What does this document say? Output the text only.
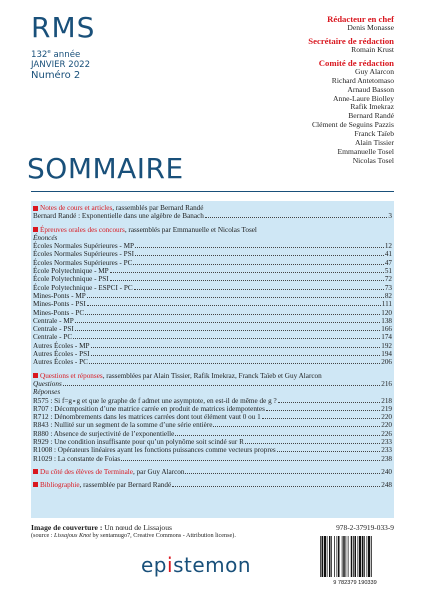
RMS
132e année
JANVIER 2022
Numéro 2
Rédacteur en chef
Denis Monasse
Secrétaire de rédaction
Romain Krust
Comité de rédaction
Guy Alarcon
Richard Antetomaso
Arnaud Basson
Anne-Laure Biolley
Rafik Imekraz
Bernard Randé
Clément de Seguins Pazzis
Franck Taïeb
Alain Tissier
Emmanuelle Tosel
Nicolas Tosel
SOMMAIRE
Notes de cours et articles , rassemblés par Bernard Randé
Bernard Randé : Exponentielle dans une algèbre de Banach	3
Épreuves orales des concours , rassemblés par Emmanuelle et Nicolas Tosel
Énoncés
Écoles Normales Supérieures - MP	12
Écoles Normales Supérieures - PSI	41
Écoles Normales Supérieures - PC	47
École Polytechnique - MP	51
École Polytechnique - PSI	72
École Polytechnique - ESPCI - PC	73
Mines-Ponts - MP	82
Mines-Ponts - PSI	111
Mines-Ponts - PC	120
Centrale - MP	138
Centrale - PSI	166
Centrale - PC	174
Autres Écoles - MP	192
Autres Écoles - PSI	194
Autres Écoles - PC	206
Questions et réponses , rassemblées par Alain Tissier, Rafik Imekraz, Franck Taïeb et Guy Alarcon
Questions	216
Réponses
R575 : Si f=g∘g et que le graphe de f admet une asymptote, en est-il de même de g ?	218
R707 : Décomposition d’une matrice carrée en produit de matrices idempotentes	219
R712 : Dénombrements dans les matrices carrées dont tout élément vaut 0 ou 1	220
R843 : Nullité sur un segment de la somme d’une série entière	220
R880 : Absence de surjectivité de l’exponentielle	226
R929 : Une condition insuffisante pour qu’un polynôme soit scindé sur R	233
R1008 : Opérateurs linéaires ayant les fonctions puissances comme vecteurs propres	233
R1029 : La constante de Foias	238
Du côté des élèves de Terminale, par Guy Alarcon	240
Bibliographie, rassemblée par Bernard Randé	248
Image de couverture : Un nœud de Lissajous
(source : Lissajous Knot by sentamugo7, Creative Commons - Attribution license).
978-2-37919-033-9
epistemon
9 782379 190339
